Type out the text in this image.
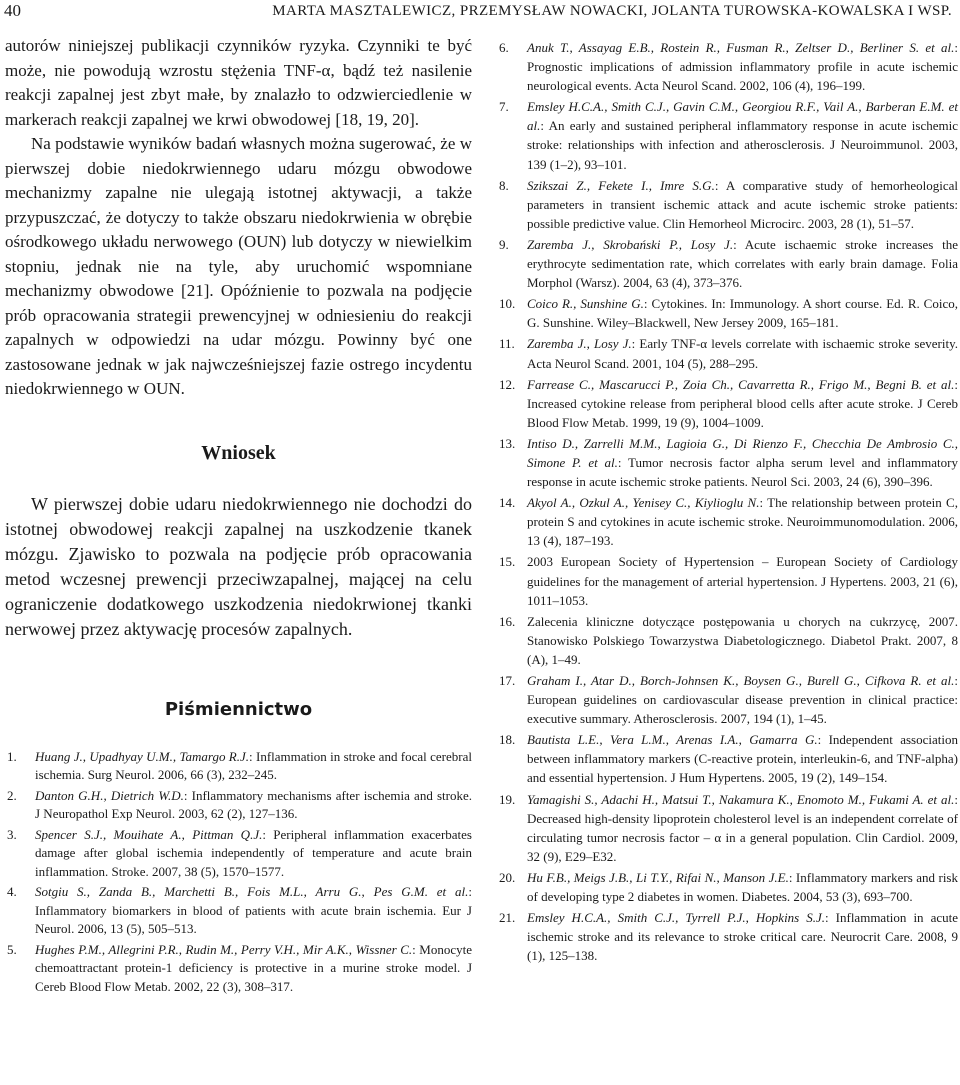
40	MARTA MASZTALEWICZ, PRZEMYSŁAW NOWACKI, JOLANTA TUROWSKA-KOWALSKA I WSP.

autorów niniejszej publikacji czynników ryzyka. Czynniki te być może, nie powodują wzrostu stężenia TNF-α, bądź też nasilenie reakcji zapalnej jest zbyt małe, by znalazło to odzwierciedlenie w markerach reakcji zapalnej we krwi obwodowej [18, 19, 20].

Na podstawie wyników badań własnych można sugerować, że w pierwszej dobie niedokrwiennego udaru mózgu obwodowe mechanizmy zapalne nie ulegają istotnej aktywacji, a także przypuszczać, że dotyczy to także obszaru niedokrwienia w obrębie ośrodkowego układu nerwowego (OUN) lub dotyczy w niewielkim stopniu, jednak nie na tyle, aby uruchomić wspomniane mechanizmy obwodowe [21]. Opóźnienie to pozwala na podjęcie prób opracowania strategii prewencyjnej w odniesieniu do reakcji zapalnych w odpowiedzi na udar mózgu. Powinny być one zastosowane jednak w jak najwcześniejszej fazie ostrego incydentu niedokrwiennego w OUN.

Wniosek

W pierwszej dobie udaru niedokrwiennego nie dochodzi do istotnej obwodowej reakcji zapalnej na uszkodzenie tkanek mózgu. Zjawisko to pozwala na podjęcie prób opracowania metod wczesnej prewencji przeciwzapalnej, mającej na celu ograniczenie dodatkowego uszkodzenia niedokrwionej tkanki nerwowej przez aktywację procesów zapalnych.

Piśmiennictwo
1. Huang J., Upadhyay U.M., Tamargo R.J.: Inflammation in stroke and focal cerebral ischemia. Surg Neurol. 2006, 66 (3), 232–245.
2. Danton G.H., Dietrich W.D.: Inflammatory mechanisms after ischemia and stroke. J Neuropathol Exp Neurol. 2003, 62 (2), 127–136.
3. Spencer S.J., Mouihate A., Pittman Q.J.: Peripheral inflammation exacerbates damage after global ischemia independently of temperature and acute brain inflammation. Stroke. 2007, 38 (5), 1570–1577.
4. Sotgiu S., Zanda B., Marchetti B., Fois M.L., Arru G., Pes G.M. et al.: Inflammatory biomarkers in blood of patients with acute brain ischemia. Eur J Neurol. 2006, 13 (5), 505–513.
5. Hughes P.M., Allegrini P.R., Rudin M., Perry V.H., Mir A.K., Wissner C.: Monocyte chemoattractant protein-1 deficiency is protective in a murine stroke model. J Cereb Blood Flow Metab. 2002, 22 (3), 308–317.
6. Anuk T., Assayag E.B., Rostein R., Fusman R., Zeltser D., Berliner S. et al.: Prognostic implications of admission inflammatory profile in acute ischemic neurological events. Acta Neurol Scand. 2002, 106 (4), 196–199.
7. Emsley H.C.A., Smith C.J., Gavin C.M., Georgiou R.F., Vail A., Barberan E.M. et al.: An early and sustained peripheral inflammatory response in acute ischemic stroke: relationships with infection and atherosclerosis. J Neuroimmunol. 2003, 139 (1–2), 93–101.
8. Szikszai Z., Fekete I., Imre S.G.: A comparative study of hemorheological parameters in transient ischemic attack and acute ischemic stroke patients: possible predictive value. Clin Hemorheol Microcirc. 2003, 28 (1), 51–57.
9. Zaremba J., Skrobański P., Losy J.: Acute ischaemic stroke increases the erythrocyte sedimentation rate, which correlates with early brain damage. Folia Morphol (Warsz). 2004, 63 (4), 373–376.
10. Coico R., Sunshine G.: Cytokines. In: Immunology. A short course. Ed. R. Coico, G. Sunshine. Wiley–Blackwell, New Jersey 2009, 165–181.
11. Zaremba J., Losy J.: Early TNF-α levels correlate with ischaemic stroke severity. Acta Neurol Scand. 2001, 104 (5), 288–295.
12. Farrease C., Mascarucci P., Zoia Ch., Cavarretta R., Frigo M., Begni B. et al.: Increased cytokine release from peripheral blood cells after acute stroke. J Cereb Blood Flow Metab. 1999, 19 (9), 1004–1009.
13. Intiso D., Zarrelli M.M., Lagioia G., Di Rienzo F., Checchia De Ambrosio C., Simone P. et al.: Tumor necrosis factor alpha serum level and inflammatory response in acute ischemic stroke patients. Neurol Sci. 2003, 24 (6), 390–396.
14. Akyol A., Ozkul A., Yenisey C., Kiylioglu N.: The relationship between protein C, protein S and cytokines in acute ischemic stroke. Neuroimmunomodulation. 2006, 13 (4), 187–193.
15. 2003 European Society of Hypertension – European Society of Cardiology guidelines for the management of arterial hypertension. J Hypertens. 2003, 21 (6), 1011–1053.
16. Zalecenia kliniczne dotyczące postępowania u chorych na cukrzycę, 2007. Stanowisko Polskiego Towarzystwa Diabetologicznego. Diabetol Prakt. 2007, 8 (A), 1–49.
17. Graham I., Atar D., Borch-Johnsen K., Boysen G., Burell G., Cifkova R. et al.: European guidelines on cardiovascular disease prevention in clinical practice: executive summary. Atherosclerosis. 2007, 194 (1), 1–45.
18. Bautista L.E., Vera L.M., Arenas I.A., Gamarra G.: Independent association between inflammatory markers (C-reactive protein, interleukin-6, and TNF-alpha) and essential hypertension. J Hum Hypertens. 2005, 19 (2), 149–154.
19. Yamagishi S., Adachi H., Matsui T., Nakamura K., Enomoto M., Fukami A. et al.: Decreased high-density lipoprotein cholesterol level is an independent correlate of circulating tumor necrosis factor – α in a general population. Clin Cardiol. 2009, 32 (9), E29–E32.
20. Hu F.B., Meigs J.B., Li T.Y., Rifai N., Manson J.E.: Inflammatory markers and risk of developing type 2 diabetes in women. Diabetes. 2004, 53 (3), 693–700.
21. Emsley H.C.A., Smith C.J., Tyrrell P.J., Hopkins S.J.: Inflammation in acute ischemic stroke and its relevance to stroke critical care. Neurocrit Care. 2008, 9 (1), 125–138.
